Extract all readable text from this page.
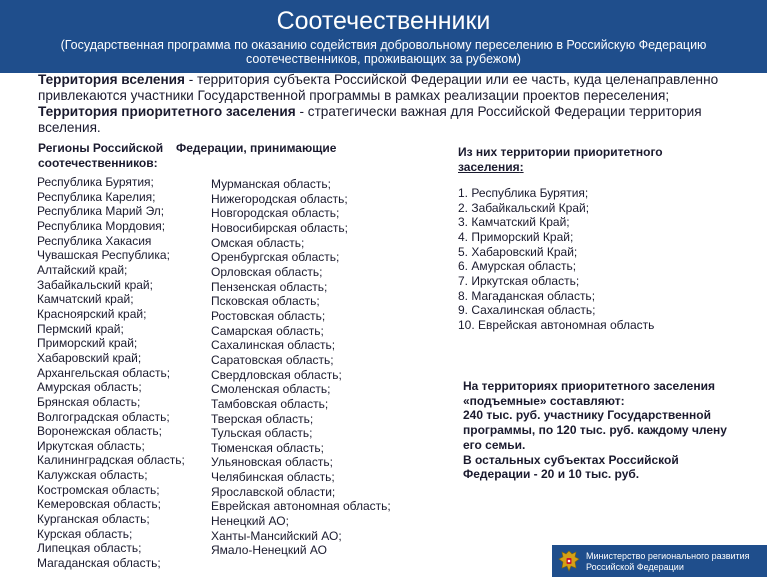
Соотечественники
(Государственная программа по оказанию содействия добровольному переселению в Российскую Федерацию
соотечественников, проживающих за рубежом)
Территория вселения - территория субъекта Российской Федерации или ее часть, куда целенаправленно привлекаются участники Государственной программы в рамках реализации проектов переселения;
Территория приоритетного заселения - стратегически важная для Российской Федерации территория вселения.
Регионы Российской
соотечественников:
Федерации, принимающие
Республика Бурятия;
Республика Карелия;
Республика Марий Эл;
Республика Мордовия;
Республика Хакасия
Чувашская Республика;
Алтайский край;
Забайкальский край;
Камчатский край;
Красноярский край;
Пермский край;
Приморский край;
Хабаровский край;
Архангельская область;
Амурская область;
Брянская область;
Волгоградская область;
Воронежская область;
Иркутская область;
Калининградская область;
Калужская область;
Костромская область;
Кемеровская область;
Курганская область;
Курская область;
Липецкая область;
Магаданская область;
Мурманская область;
Нижегородская область;
Новгородская область;
Новосибирская область;
Омская область;
Оренбургская область;
Орловская область;
Пензенская область;
Псковская область;
Ростовская область;
Самарская область;
Сахалинская область;
Саратовская область;
Свердловская область;
Смоленская область;
Тамбовская область;
Тверская область;
Тульская область;
Тюменская область;
Ульяновская область;
Челябинская область;
Ярославской области;
Еврейская автономная область;
Ненецкий АО;
Ханты-Мансийский АО;
Ямало-Ненецкий АО
Из них территории приоритетного
заселения:
1. Республика Бурятия;
2. Забайкальский Край;
3. Камчатский Край;
4. Приморский Край;
5. Хабаровский Край;
6. Амурская область;
7. Иркутская область;
8. Магаданская область;
9. Сахалинская область;
10. Еврейская автономная область
На территориях приоритетного заселения
«подъемные» составляют:
240 тыс. руб. участнику Государственной
программы, по 120 тыс. руб. каждому члену
его семьи.
В остальных субъектах Российской
Федерации - 20 и 10 тыс. руб.
Министерство регионального развития
Российской Федерации
